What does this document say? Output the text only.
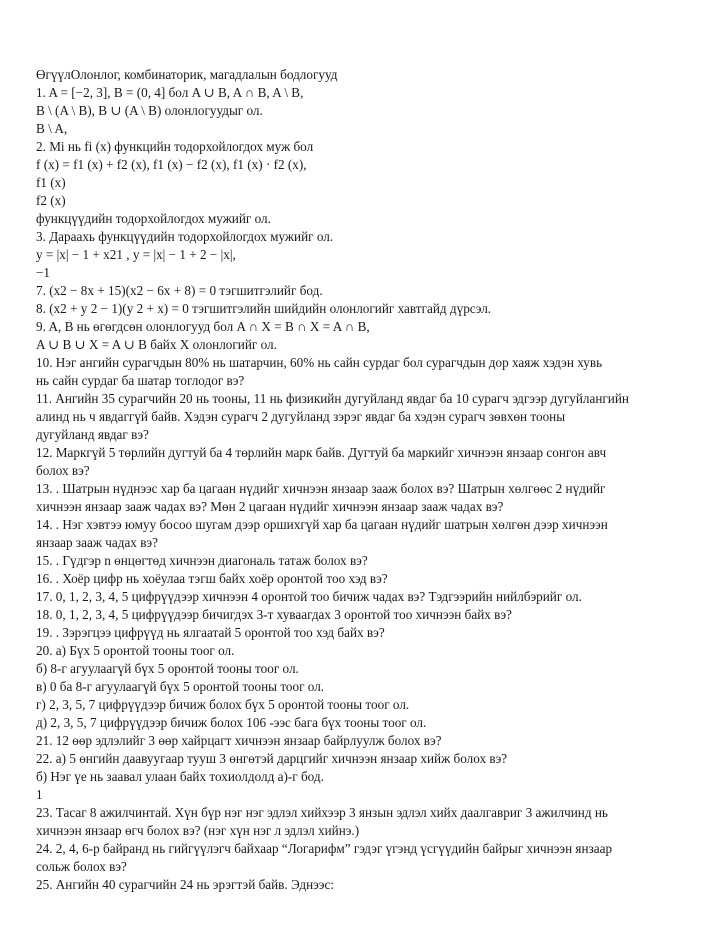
ӨгүүлОлонлог, комбинаторик, магадлалын бодлогууд
1. A = [−2, 3], B = (0, 4] бол A ∪ B, A ∩ B, A \ B,
B \ (A \ B), B ∪ (A \ B) олонлогуудыг ол.
B \ A,
2. Mi нь fi (x) функцийн тодорхойлогдох муж бол
f (x) = f1 (x) + f2 (x), f1 (x) − f2 (x), f1 (x) · f2 (x),
f1 (x)
f2 (x)
функцүүдийн тодорхойлогдох мужийг ол.
3. Дараахь функцүүдийн тодорхойлогдох мужийг ол.
y = |x| − 1 + x21 , y = |x| − 1 + 2 − |x|,
−1
7. (x2 − 8x + 15)(x2 − 6x + 8) = 0 тэгшитгэлийг бод.
8. (x2 + y 2 − 1)(y 2 + x) = 0 тэгшитгэлийн шийдийн олонлогийг хавтгайд дүрсэл.
9. A, B нь өгөгдсөн олонлогууд бол A ∩ X = B ∩ X = A ∩ B,
A ∪ B ∪ X = A ∪ B байх X олонлогийг ол.
10. Нэг ангийн сурагчдын 80% нь шатарчин, 60% нь сайн сурдаг бол сурагчдын дор хаяж хэдэн хувь
нь сайн сурдаг ба шатар тоглодог вэ?
11. Ангийн 35 сурагчийн 20 нь тооны, 11 нь физикийн дугуйланд явдаг ба 10 сурагч эдгээр дугуйлангийн
алинд нь ч явдаггүй байв. Хэдэн сурагч 2 дугуйланд зэрэг явдаг ба хэдэн сурагч зөвхөн тооны
дугуйланд явдаг вэ?
12. Маркгүй 5 төрлийн дугтуй ба 4 төрлийн марк байв. Дугтуй ба маркийг хичнээн янзаар сонгон авч
болох вэ?
13. . Шатрын нүднээс хар ба цагаан нүдийг хичнээн янзаар зааж болох вэ? Шатрын хөлгөөс 2 нүдийг
хичнээн янзаар зааж чадах вэ? Мөн 2 цагаан нүдийг хичнээн янзаар зааж чадах вэ?
14. . Нэг хэвтээ юмуу босоо шугам дээр оршихгүй хар ба цагаан нүдийг шатрын хөлгөн дээр хичнээн
янзаар зааж чадах вэ?
15. . Гүдгэр n өнцөгтөд хичнээн диагональ татаж болох вэ?
16. . Хоёр цифр нь хоёулаа тэгш байх хоёр оронтой тоо хэд вэ?
17. 0, 1, 2, 3, 4, 5 цифрүүдээр хичнээн 4 оронтой тоо бичиж чадах вэ? Тэдгээрийн нийлбэрийг ол.
18. 0, 1, 2, 3, 4, 5 цифрүүдээр бичигдэх 3-т хуваагдах 3 оронтой тоо хичнээн байх вэ?
19. . Зэрэгцээ цифрүүд нь ялгаатай 5 оронтой тоо хэд байх вэ?
20. а) Бүх 5 оронтой тооны тоог ол.
б) 8-г агуулаагүй бүх 5 оронтой тооны тоог ол.
в) 0 ба 8-г агуулаагүй бүх 5 оронтой тооны тоог ол.
г) 2, 3, 5, 7 цифрүүдээр бичиж болох бүх 5 оронтой тооны тоог ол.
д) 2, 3, 5, 7 цифрүүдээр бичиж болох 106 -ээс бага бүх тооны тоог ол.
21. 12 өөр эдлэлийг 3 өөр хайрцагт хичнээн янзаар байрлуулж болох вэ?
22. а) 5 өнгийн даавуугаар тууш 3 өнгөтэй дарцгийг хичнээн янзаар хийж болох вэ?
б) Нэг үе нь заавал улаан байх тохиолдолд а)-г бод.
1
23. Тасаг 8 ажилчинтай. Хүн бүр нэг нэг эдлэл хийхээр 3 янзын эдлэл хийх даалгавриг 3 ажилчинд нь
хичнээн янзаар өгч болох вэ? (нэг хүн нэг л эдлэл хийнэ.)
24. 2, 4, 6-р байранд нь гийгүүлэгч байхаар “Логарифм” гэдэг үгэнд үсгүүдийн байрыг хичнээн янзаар
сольж болох вэ?
25. Ангийн 40 сурагчийн 24 нь эрэгтэй байв. Эднээс:
